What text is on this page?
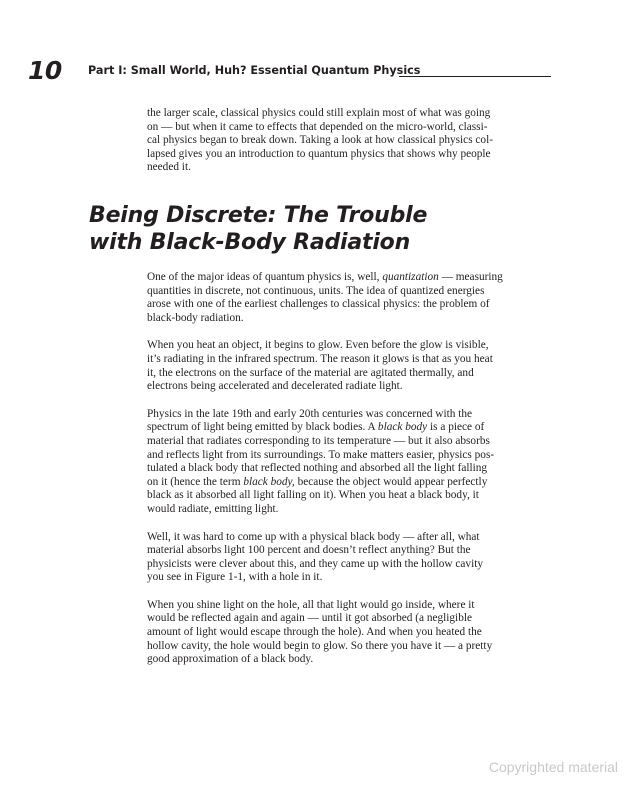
10 Part I: Small World, Huh? Essential Quantum Physics

the larger scale, classical physics could still explain most of what was going
on — but when it came to effects that depended on the micro-world, classi-
cal physics began to break down. Taking a look at how classical physics col-
lapsed gives you an introduction to quantum physics that shows why people
needed it.

Being Discrete: The Trouble
with Black-Body Radiation

One of the major ideas of quantum physics is, well, quantization — measuring
quantities in discrete, not continuous, units. The idea of quantized energies
arose with one of the earliest challenges to classical physics: the problem of
black-body radiation.

When you heat an object, it begins to glow. Even before the glow is visible,
it’s radiating in the infrared spectrum. The reason it glows is that as you heat
it, the electrons on the surface of the material are agitated thermally, and
electrons being accelerated and decelerated radiate light.

Physics in the late 19th and early 20th centuries was concerned with the
spectrum of light being emitted by black bodies. A black body is a piece of
material that radiates corresponding to its temperature — but it also absorbs
and reflects light from its surroundings. To make matters easier, physics pos-
tulated a black body that reflected nothing and absorbed all the light falling
on it (hence the term black body, because the object would appear perfectly
black as it absorbed all light falling on it). When you heat a black body, it
would radiate, emitting light.

Well, it was hard to come up with a physical black body — after all, what
material absorbs light 100 percent and doesn’t reflect anything? But the
physicists were clever about this, and they came up with the hollow cavity
you see in Figure 1-1, with a hole in it.

When you shine light on the hole, all that light would go inside, where it
would be reflected again and again — until it got absorbed (a negligible
amount of light would escape through the hole). And when you heated the
hollow cavity, the hole would begin to glow. So there you have it — a pretty
good approximation of a black body.

Copyrighted material
